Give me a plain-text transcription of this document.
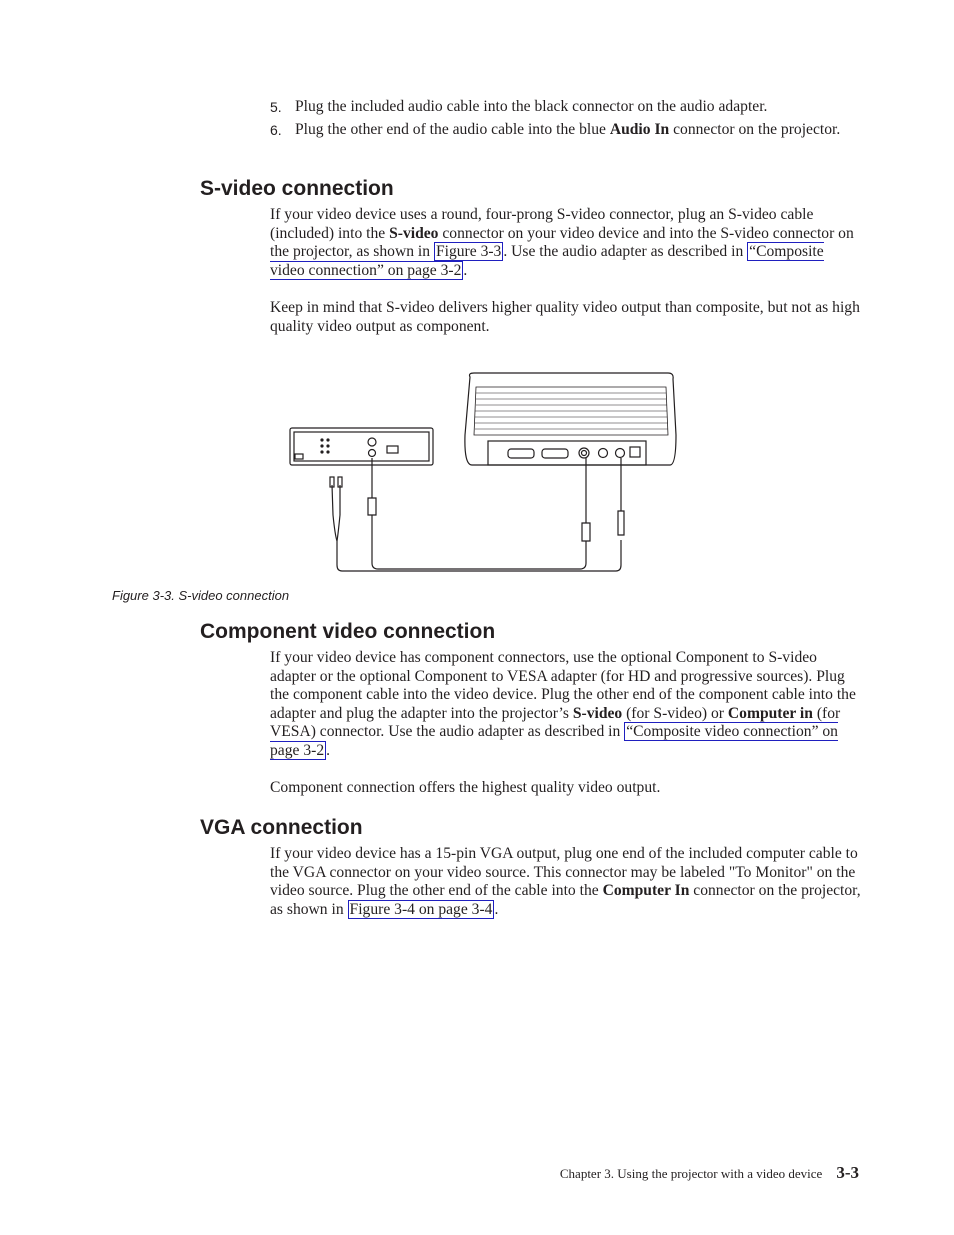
5. Plug the included audio cable into the black connector on the audio adapter.
6. Plug the other end of the audio cable into the blue Audio In connector on the projector.
S-video connection

If your video device uses a round, four-prong S-video connector, plug an S-video cable (included) into the S-video connector on your video device and into the S-video connector on the projector, as shown in Figure 3-3 . Use the audio adapter as described in “Composite video connection” on page 3-2 .

Keep in mind that S-video delivers higher quality video output than composite, but not as high quality video output as component.

Figure 3-3. S-video connection
Component video connection

If your video device has component connectors, use the optional Component to S-video adapter or the optional Component to VESA adapter (for HD and progressive sources). Plug the component cable into the video device. Plug the other end of the component cable into the adapter and plug the adapter into the projector’s S-video (for S-video) or Computer in (for VESA) connector. Use the audio adapter as described in “Composite video connection” on page 3-2 .

Component connection offers the highest quality video output.

VGA connection

If your video device has a 15-pin VGA output, plug one end of the included computer cable to the VGA connector on your video source. This connector may be labeled "To Monitor" on the video source. Plug the other end of the cable into the Computer In connector on the projector, as shown in Figure 3-4 on page 3-4 .

Chapter 3. Using the projector with a video device 3-3
